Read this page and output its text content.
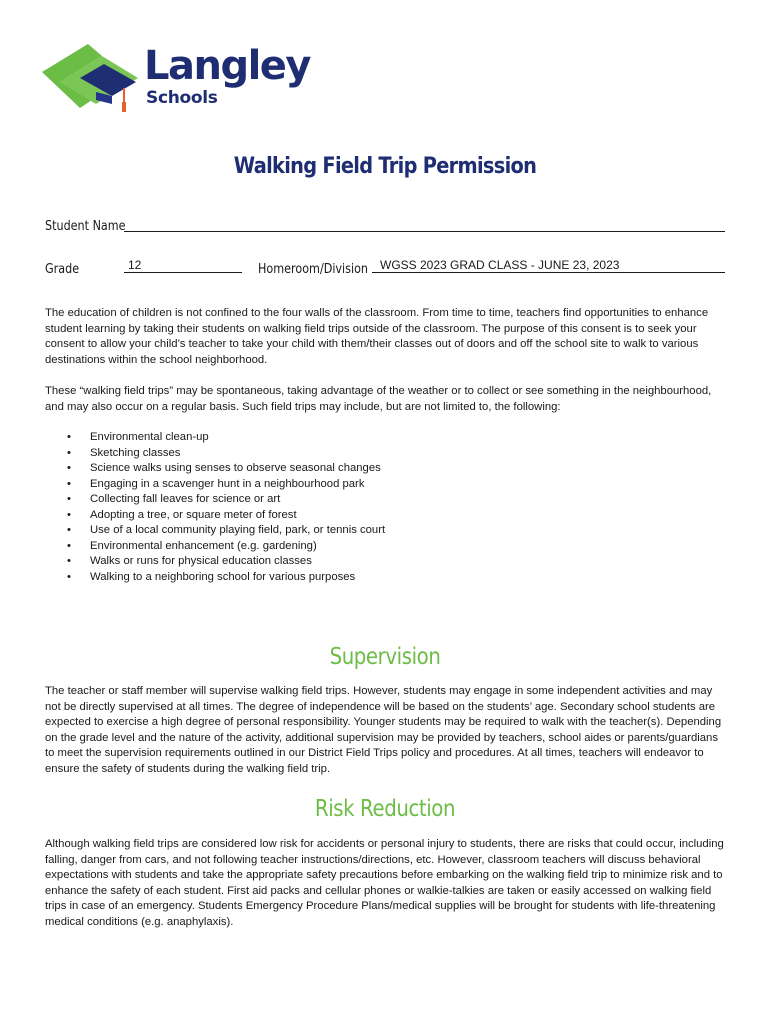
Langley
Schools
Walking Field Trip Permission
Student Name
Grade	12	Homeroom/Division WGSS 2023 GRAD CLASS - JUNE 23, 2023

The education of children is not confined to the four walls of the classroom. From time to time, teachers find opportunities to enhance student learning by taking their students on walking field trips outside of the classroom. The purpose of this consent is to seek your consent to allow your child’s teacher to take your child with them/their classes out of doors and off the school site to walk to various destinations within the school neighborhood.

These “walking field trips” may be spontaneous, taking advantage of the weather or to collect or see something in the neighbourhood, and may also occur on a regular basis. Such field trips may include, but are not limited to, the following:

• Environmental clean-up
• Sketching classes
• Science walks using senses to observe seasonal changes
• Engaging in a scavenger hunt in a neighbourhood park
• Collecting fall leaves for science or art
• Adopting a tree, or square meter of forest
• Use of a local community playing field, park, or tennis court
• Environmental enhancement (e.g. gardening)
• Walks or runs for physical education classes
• Walking to a neighboring school for various purposes
Supervision

The teacher or staff member will supervise walking field trips. However, students may engage in some independent activities and may not be directly supervised at all times. The degree of independence will be based on the students’ age. Secondary school students are expected to exercise a high degree of personal responsibility. Younger students may be required to walk with the teacher(s). Depending on the grade level and the nature of the activity, additional supervision may be provided by teachers, school aides or parents/guardians to meet the supervision requirements outlined in our District Field Trips policy and procedures. At all times, teachers will endeavor to ensure the safety of students during the walking field trip.

Risk Reduction

Although walking field trips are considered low risk for accidents or personal injury to students, there are risks that could occur, including falling, danger from cars, and not following teacher instructions/directions, etc. However, classroom teachers will discuss behavioral expectations with students and take the appropriate safety precautions before embarking on the walking field trip to minimize risk and to enhance the safety of each student. First aid packs and cellular phones or walkie-talkies are taken or easily accessed on walking field trips in case of an emergency. Students Emergency Procedure Plans/medical supplies will be brought for students with life-threatening medical conditions (e.g. anaphylaxis).
